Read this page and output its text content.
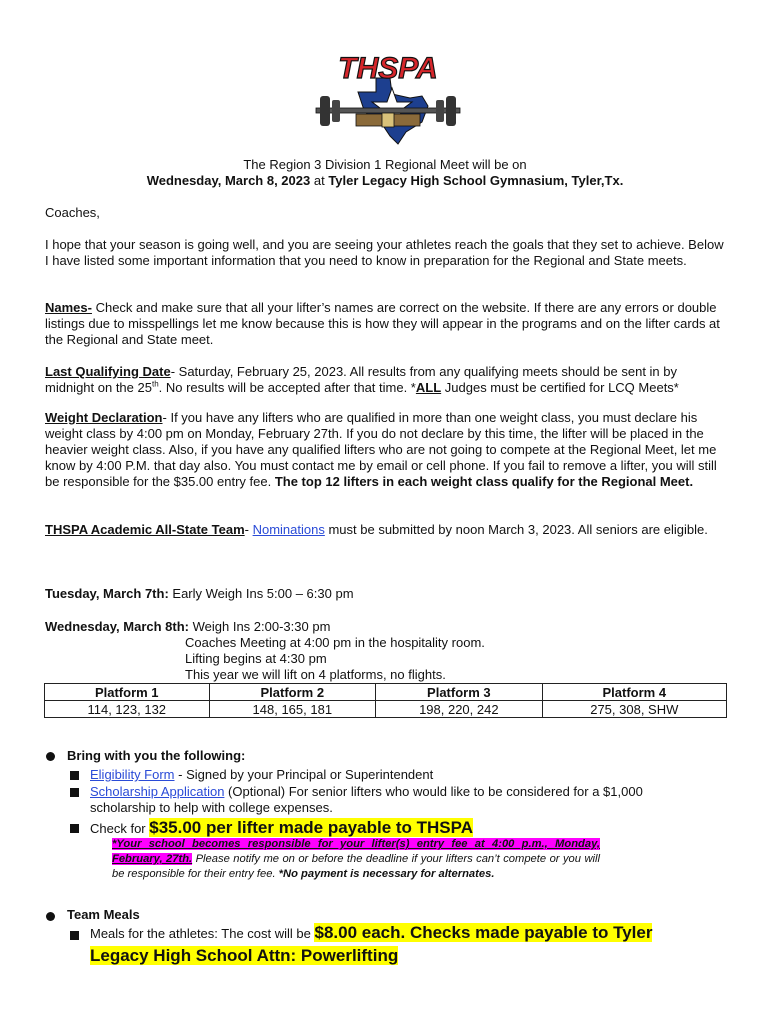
THSPA
The Region 3 Division 1 Regional Meet will be on
Wednesday, March 8, 2023 at Tyler Legacy High School Gymnasium, Tyler,Tx.
Coaches,
I hope that your season is going well, and you are seeing your athletes reach the goals that they set to achieve. Below I have listed some important information that you need to know in preparation for the Regional and State meets.
Names- Check and make sure that all your lifter’s names are correct on the website. If there are any errors or double listings due to misspellings let me know because this is how they will appear in the programs and on the lifter cards at the Regional and State meet.
Last Qualifying Date- Saturday, February 25, 2023. All results from any qualifying meets should be sent in by midnight on the 25th. No results will be accepted after that time. *ALL Judges must be certified for LCQ Meets*
Weight Declaration- If you have any lifters who are qualified in more than one weight class, you must declare his weight class by 4:00 pm on Monday, February 27th. If you do not declare by this time, the lifter will be placed in the heavier weight class. Also, if you have any qualified lifters who are not going to compete at the Regional Meet, let me know by 4:00 P.M. that day also. You must contact me by email or cell phone. If you fail to remove a lifter, you will still be responsible for the $35.00 entry fee. The top 12 lifters in each weight class qualify for the Regional Meet.
THSPA Academic All-State Team- Nominations must be submitted by noon March 3, 2023. All seniors are eligible.
Tuesday, March 7th: Early Weigh Ins 5:00 – 6:30 pm
Wednesday, March 8th: Weigh Ins 2:00-3:30 pm
Coaches Meeting at 4:00 pm in the hospitality room.
Lifting begins at 4:30 pm
This year we will lift on 4 platforms, no flights.
Platform 1	Platform 2	Platform 3	Platform 4
114, 123, 132	148, 165, 181	198, 220, 242	275, 308, SHW
Bring with you the following:
Eligibility Form - Signed by your Principal or Superintendent
Scholarship Application (Optional) For senior lifters who would like to be considered for a $1,000 scholarship to help with college expenses.
Check for $35.00 per lifter made payable to THSPA
*Your school becomes responsible for your lifter(s) entry fee at 4:00 p.m., Monday, February, 27th. Please notify me on or before the deadline if your lifters can’t compete or you will be responsible for their entry fee. *No payment is necessary for alternates.
Team Meals
Meals for the athletes: The cost will be $8.00 each. Checks made payable to Tyler Legacy High School Attn: Powerlifting
